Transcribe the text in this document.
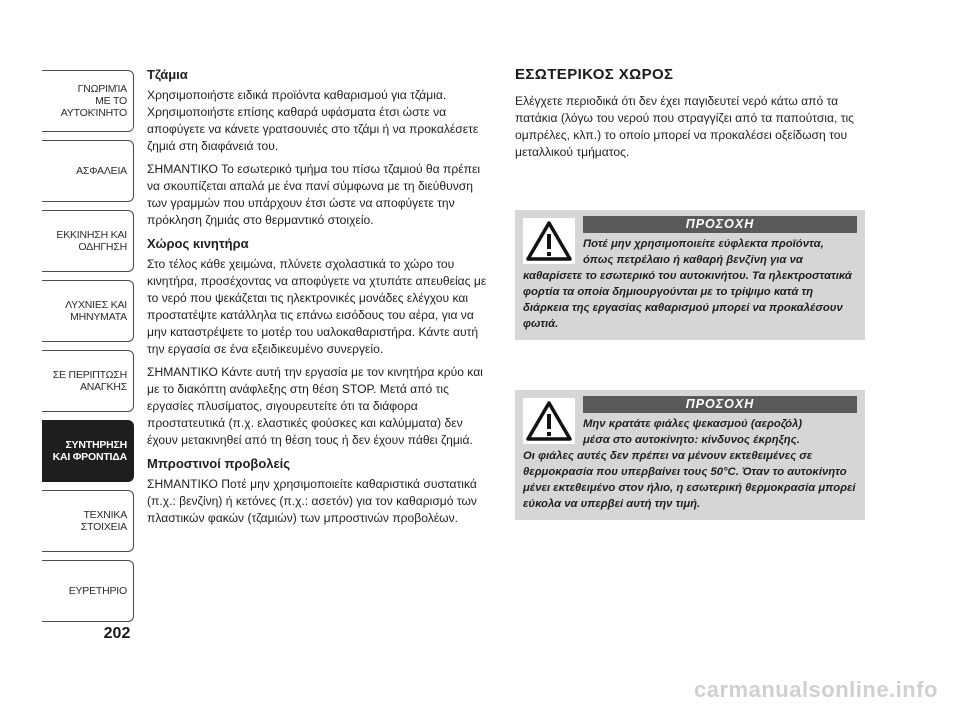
ΓΝΩΡΙΜΊΑ
ΜΕ ΤΟ
ΑΥΤΟΚΊΝΗΤΟ
ΑΣΦΑΛΕΙΑ
ΕΚΚΙΝΗΣΗ ΚΑΙ
ΟΔΗΓΗΣΗ
ΛΥΧΝΙΕΣ ΚΑΙ
ΜΗΝΥΜΑΤΑ
ΣΕ ΠΕΡΙΠΤΩΣΗ
ΑΝΑΓΚΗΣ
ΣΥΝΤΗΡΗΣΗ
ΚΑΙ ΦΡΟΝΤΙΔΑ
ΤΕΧΝΙΚΑ
ΣΤΟΙΧΕΙΑ
ΕΥΡΕΤΗΡΙΟ
202
Τζάμια

Χρησιμοποιήστε ειδικά προϊόντα καθαρισμού για τζάμια. Χρησιμοποιήστε επίσης καθαρά υφάσματα έτσι ώστε να αποφύγετε να κάνετε γρατσουνιές στο τζάμι ή να προκαλέσετε ζημιά στη διαφάνειά του.

ΣΗΜΑΝΤΙΚΟ Το εσωτερικό τμήμα του πίσω τζαμιού θα πρέπει να σκουπίζεται απαλά με ένα πανί σύμφωνα με τη διεύθυνση των γραμμών που υπάρχουν έτσι ώστε να αποφύγετε την πρόκληση ζημιάς στο θερμαντικό στοιχείο.

Χώρος κινητήρα

Στο τέλος κάθε χειμώνα, πλύνετε σχολαστικά το χώρο του κινητήρα, προσέχοντας να αποφύγετε να χτυπάτε απευθείας με το νερό που ψεκάζεται τις ηλεκτρονικές μονάδες ελέγχου και προστατέψτε κατάλληλα τις επάνω εισόδους του αέρα, για να μην καταστρέψετε το μοτέρ του υαλοκαθαριστήρα. Κάντε αυτή την εργασία σε ένα εξειδικευμένο συνεργείο.

ΣΗΜΑΝΤΙΚΟ Κάντε αυτή την εργασία με τον κινητήρα κρύο και με το διακόπτη ανάφλεξης στη θέση STOP. Μετά από τις εργασίες πλυσίματος, σιγουρευτείτε ότι τα διάφορα προστατευτικά (π.χ. ελαστικές φούσκες και καλύμματα) δεν έχουν μετακινηθεί από τη θέση τους ή δεν έχουν πάθει ζημιά.

Μπροστινοί προβολείς

ΣΗΜΑΝΤΙΚΟ Ποτέ μην χρησιμοποιείτε καθαριστικά συστατικά (π.χ.: βενζίνη) ή κετόνες (π.χ.: ασετόν) για τον καθαρισμό των πλαστικών φακών (τζαμιών) των μπροστινών προβολέων.

ΕΣΩΤΕΡΙΚΟΣ ΧΩΡΟΣ

Ελέγχετε περιοδικά ότι δεν έχει παγιδευτεί νερό κάτω από τα πατάκια (λόγω του νερού που στραγγίζει από τα παπούτσια, τις ομπρέλες, κλπ.) το οποίο μπορεί να προκαλέσει οξείδωση του μεταλλικού τμήματος.

ΠΡΟΣΟΧΗ
Ποτέ μην χρησιμοποιείτε εύφλεκτα προϊόντα,
όπως πετρέλαιο ή καθαρή βενζίνη για να
καθαρίσετε το εσωτερικό του αυτοκινήτου. Τα ηλεκτροστατικά φορτία τα οποία δημιουργούνται με το τρίψιμο κατά τη διάρκεια της εργασίας καθαρισμού μπορεί να προκαλέσουν φωτιά.
ΠΡΟΣΟΧΗ
Μην κρατάτε φιάλες ψεκασμού (αεροζόλ)
μέσα στο αυτοκίνητο: κίνδυνος έκρηξης.
Οι φιάλες αυτές δεν πρέπει να μένουν εκτεθειμένες σε θερμοκρασία που υπερβαίνει τους 50°C. Όταν το αυτοκίνητο μένει εκτεθειμένο στον ήλιο, η εσωτερική θερμοκρασία μπορεί εύκολα να υπερβεί αυτή την τιμή.
carmanualsonline.info
